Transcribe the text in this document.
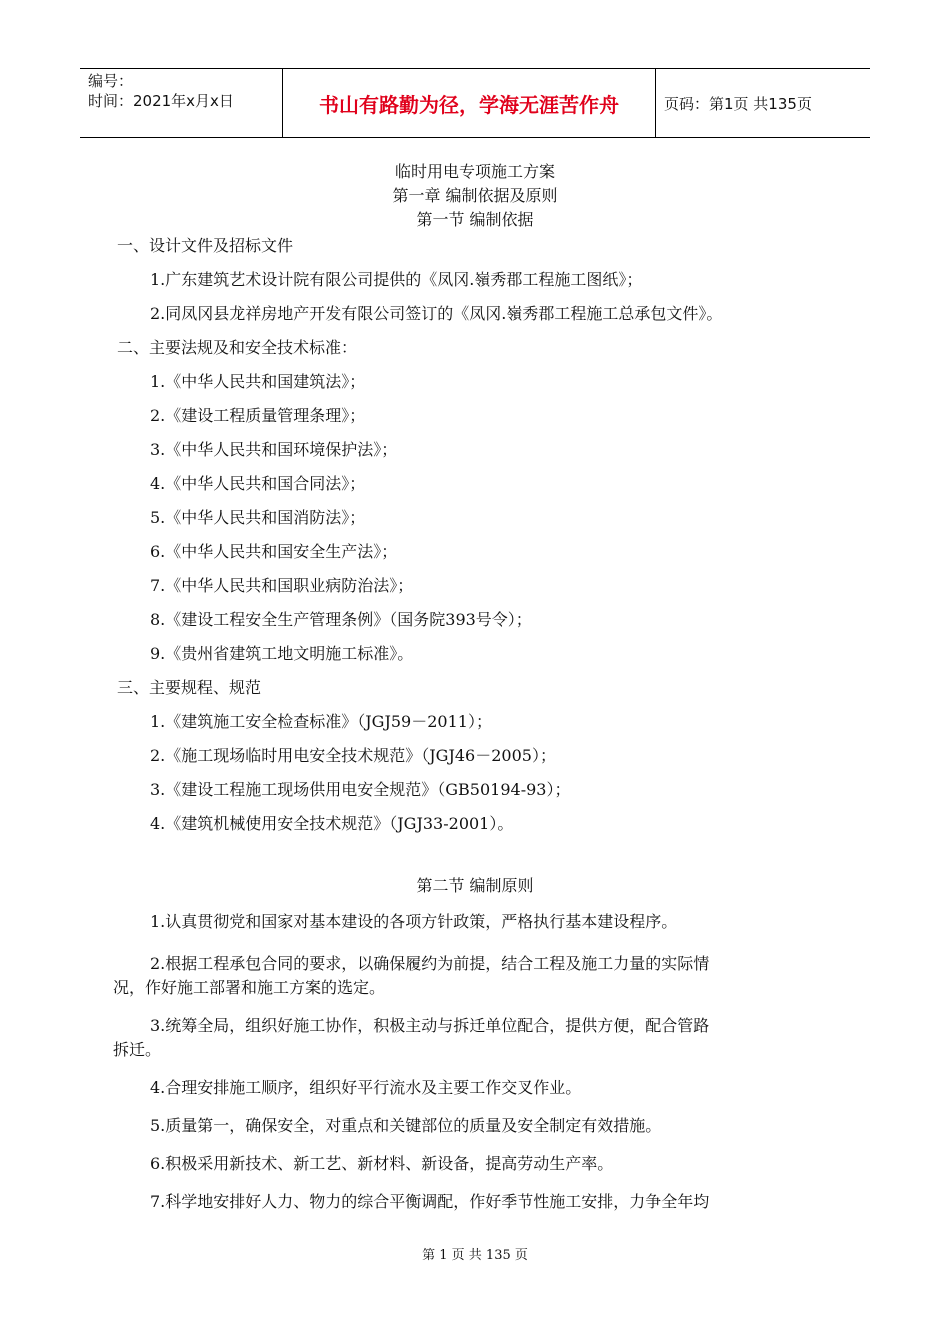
编号：
时间：2021年x月x日	书山有路勤为径，学海无涯苦作舟	页码：第1页 共135页

临时用电专项施工方案

第一章 编制依据及原则

第一节 编制依据

一、设计文件及招标文件

1.广东建筑艺术设计院有限公司提供的《凤冈.嶺秀郡工程施工图纸》；

2.同凤冈县龙祥房地产开发有限公司签订的《凤冈.嶺秀郡工程施工总承包文件》。

二、主要法规及和安全技术标准：

1.《中华人民共和国建筑法》；

2.《建设工程质量管理条理》；

3.《中华人民共和国环境保护法》；

4.《中华人民共和国合同法》；

5.《中华人民共和国消防法》；

6.《中华人民共和国安全生产法》；

7.《中华人民共和国职业病防治法》；

8.《建设工程安全生产管理条例》（国务院393号令）；

9.《贵州省建筑工地文明施工标准》。

三、主要规程、规范

1.《建筑施工安全检查标准》（JGJ59－2011）；

2.《施工现场临时用电安全技术规范》（JGJ46－2005）；

3.《建设工程施工现场供用电安全规范》（GB50194-93）；

4.《建筑机械使用安全技术规范》（JGJ33-2001）。

第二节 编制原则

1.认真贯彻党和国家对基本建设的各项方针政策，严格执行基本建设程序。

2.根据工程承包合同的要求，以确保履约为前提，结合工程及施工力量的实际情

况，作好施工部署和施工方案的选定。

3.统筹全局，组织好施工协作，积极主动与拆迁单位配合，提供方便，配合管路

拆迁。

4.合理安排施工顺序，组织好平行流水及主要工作交叉作业。

5.质量第一，确保安全，对重点和关键部位的质量及安全制定有效措施。

6.积极采用新技术、新工艺、新材料、新设备，提高劳动生产率。

7.科学地安排好人力、物力的综合平衡调配，作好季节性施工安排，力争全年均

第 1 页 共 135 页
